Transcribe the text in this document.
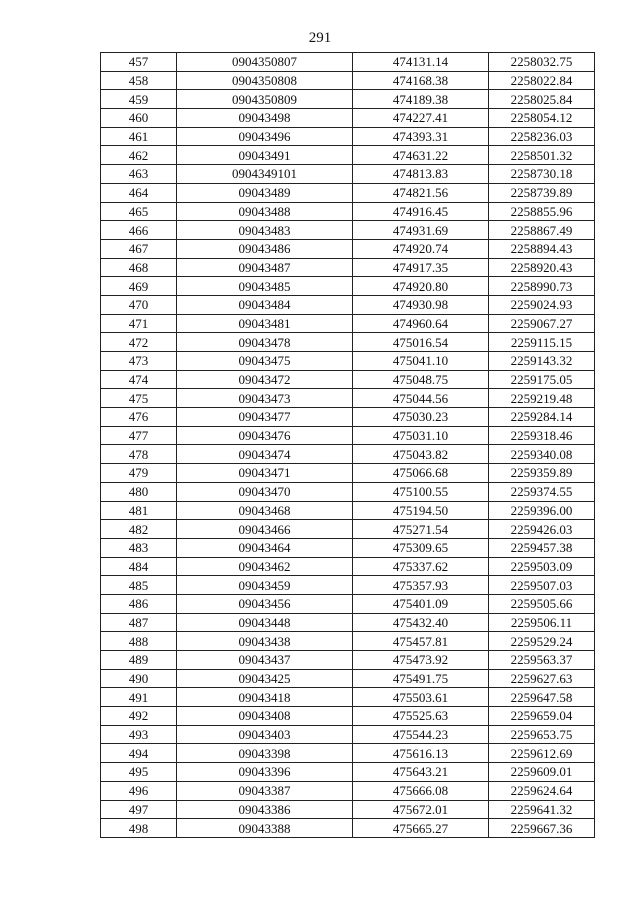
291
457	0904350807	474131.14	2258032.75
458	0904350808	474168.38	2258022.84
459	0904350809	474189.38	2258025.84
460	09043498	474227.41	2258054.12
461	09043496	474393.31	2258236.03
462	09043491	474631.22	2258501.32
463	0904349101	474813.83	2258730.18
464	09043489	474821.56	2258739.89
465	09043488	474916.45	2258855.96
466	09043483	474931.69	2258867.49
467	09043486	474920.74	2258894.43
468	09043487	474917.35	2258920.43
469	09043485	474920.80	2258990.73
470	09043484	474930.98	2259024.93
471	09043481	474960.64	2259067.27
472	09043478	475016.54	2259115.15
473	09043475	475041.10	2259143.32
474	09043472	475048.75	2259175.05
475	09043473	475044.56	2259219.48
476	09043477	475030.23	2259284.14
477	09043476	475031.10	2259318.46
478	09043474	475043.82	2259340.08
479	09043471	475066.68	2259359.89
480	09043470	475100.55	2259374.55
481	09043468	475194.50	2259396.00
482	09043466	475271.54	2259426.03
483	09043464	475309.65	2259457.38
484	09043462	475337.62	2259503.09
485	09043459	475357.93	2259507.03
486	09043456	475401.09	2259505.66
487	09043448	475432.40	2259506.11
488	09043438	475457.81	2259529.24
489	09043437	475473.92	2259563.37
490	09043425	475491.75	2259627.63
491	09043418	475503.61	2259647.58
492	09043408	475525.63	2259659.04
493	09043403	475544.23	2259653.75
494	09043398	475616.13	2259612.69
495	09043396	475643.21	2259609.01
496	09043387	475666.08	2259624.64
497	09043386	475672.01	2259641.32
498	09043388	475665.27	2259667.36
